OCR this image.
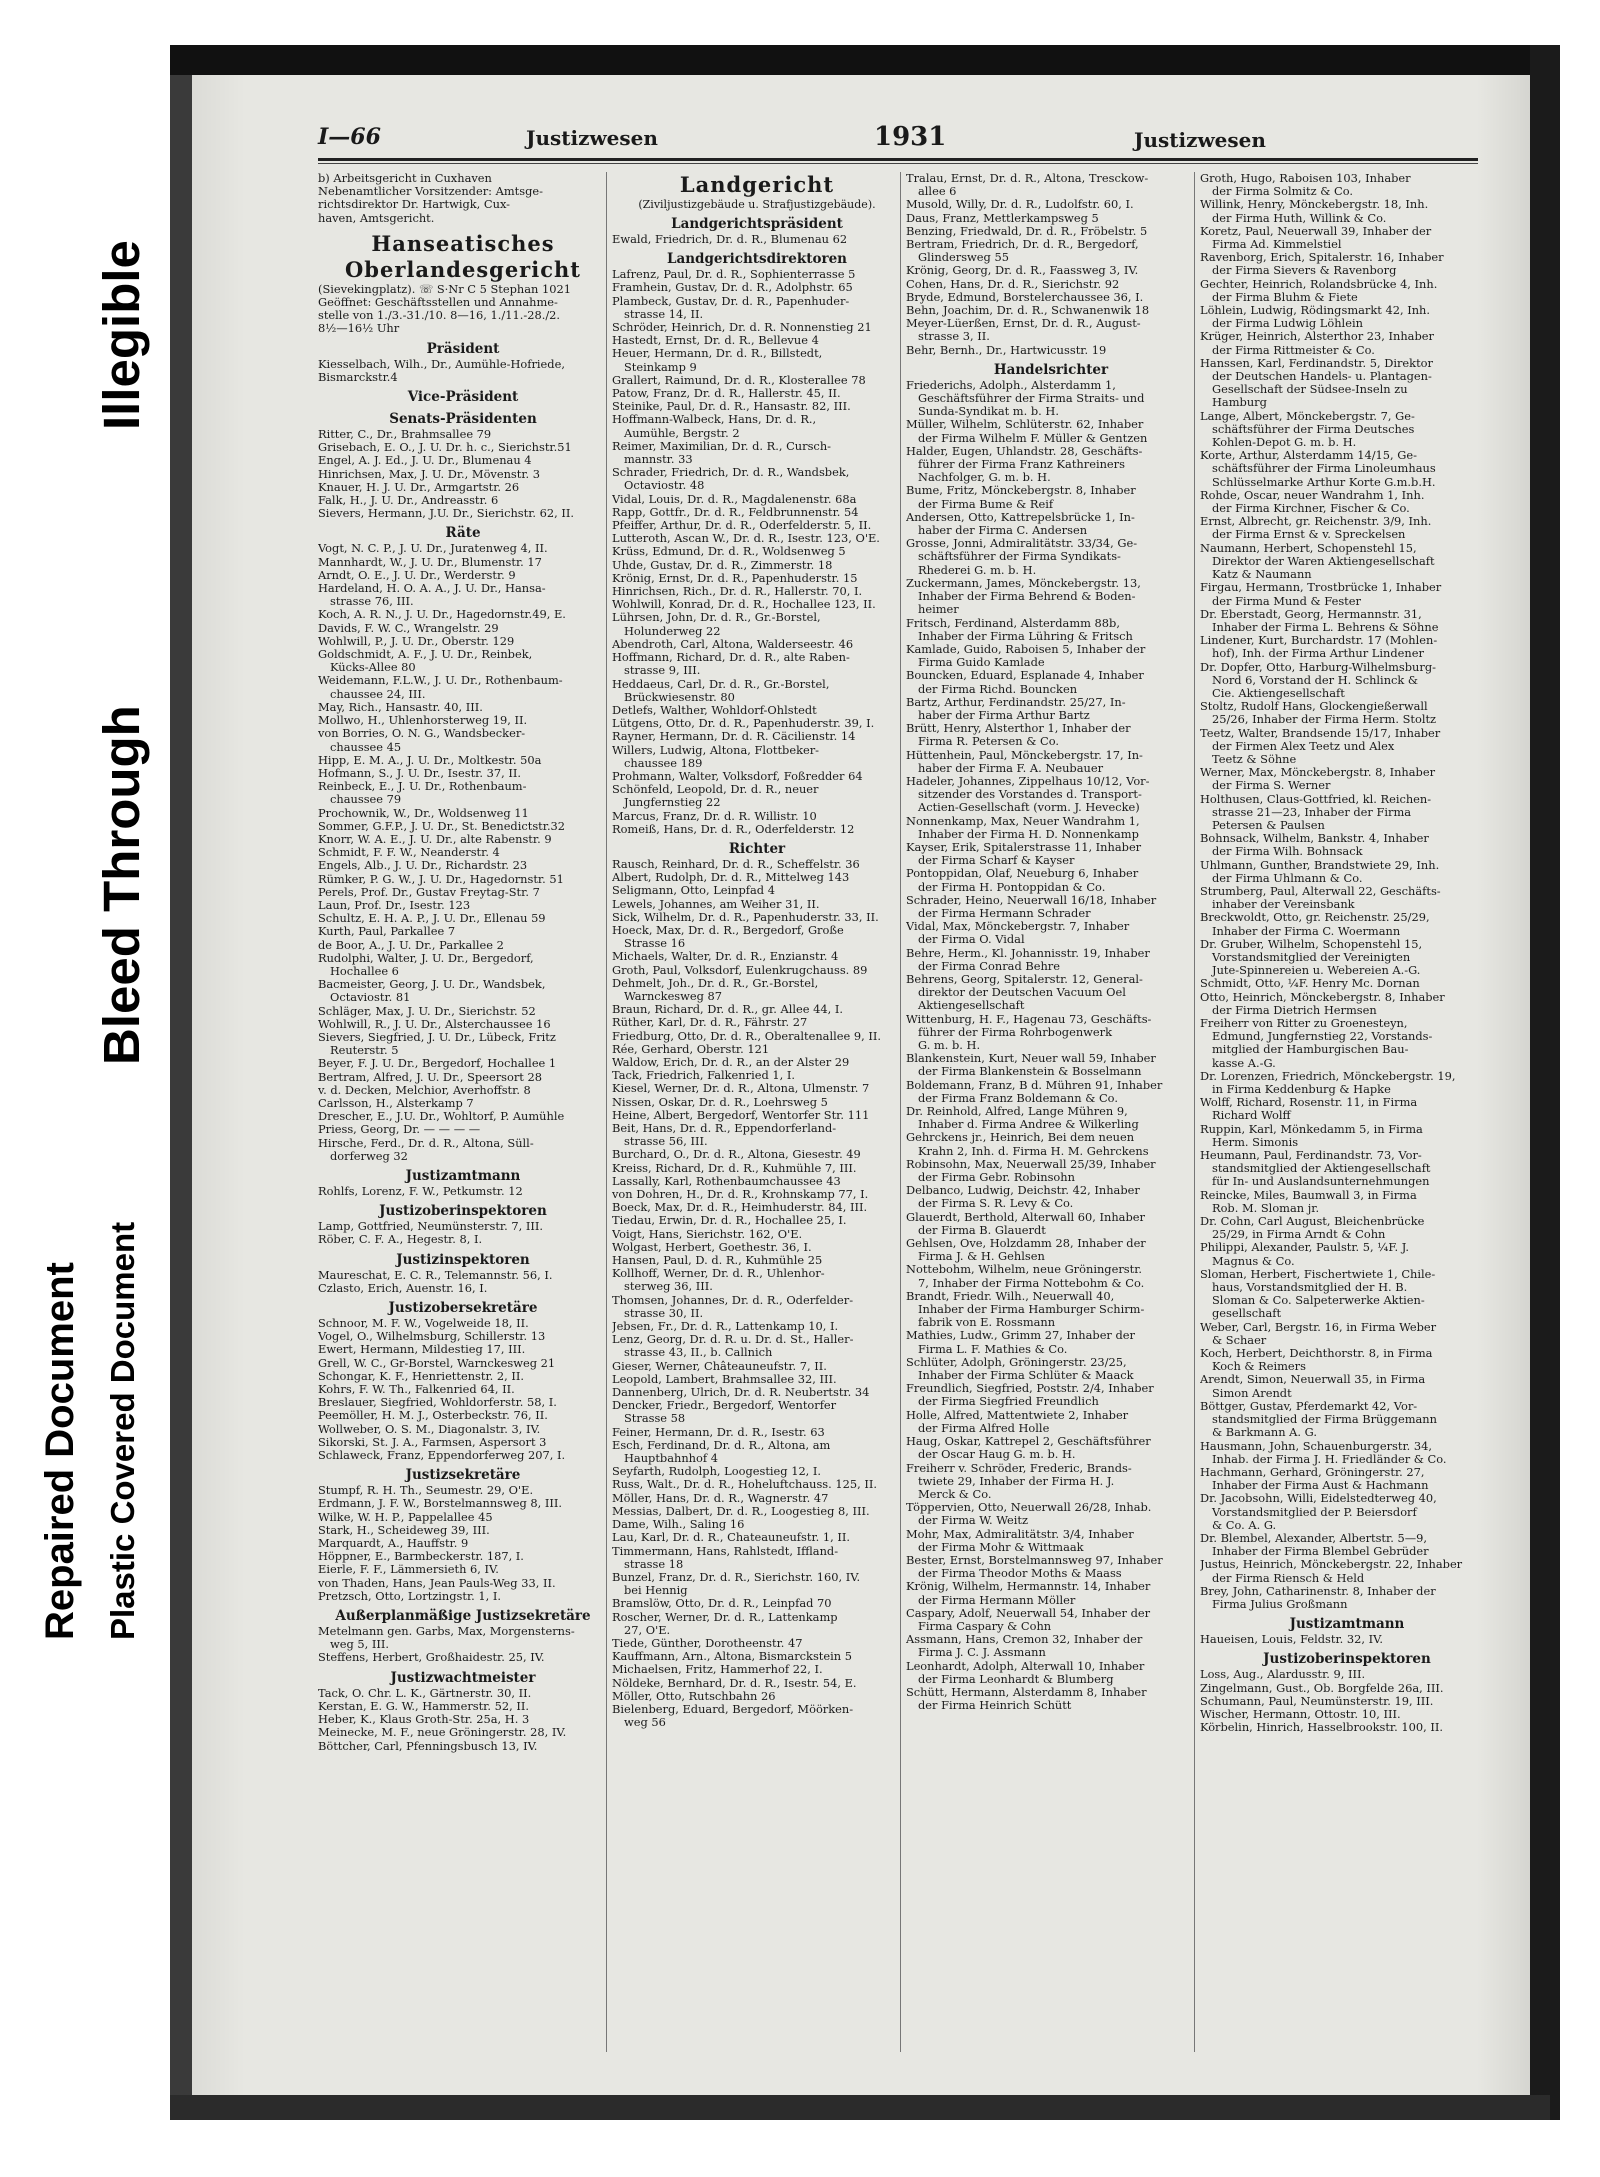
Repaired Document Plastic Covered Document
Bleed Through
Illegible
I—66	Justizwesen	1931	Justizwesen
b) Arbeitsgericht in Cuxhaven
Nebenamtlicher Vorsitzender: Amtsge-
richtsdirektor Dr. Hartwigk, Cux-
haven, Amtsgericht.
Hanseatisches
Oberlandesgericht
(Sievekingplatz). ☏ S·Nr C 5 Stephan 1021
Geöffnet: Geschäftsstellen und Annahme-
stelle von 1./3.-31./10. 8—16, 1./11.-28./2.
8½—16½ Uhr
Präsident
Kiesselbach, Wilh., Dr., Aumühle-Hofriede,
Bismarckstr.4
Vice-Präsident
Senats-Präsidenten
Ritter, C., Dr., Brahmsallee 79
Grisebach, E. O., J. U. Dr. h. c., Sierichstr.51
Engel, A. J. Ed., J. U. Dr., Blumenau 4
Hinrichsen, Max, J. U. Dr., Mövenstr. 3
Knauer, H. J. U. Dr., Armgartstr. 26
Falk, H., J. U. Dr., Andreasstr. 6
Sievers, Hermann, J.U. Dr., Sierichstr. 62, II.
Räte
Vogt, N. C. P., J. U. Dr., Juratenweg 4, II.
Mannhardt, W., J. U. Dr., Blumenstr. 17
Arndt, O. E., J. U. Dr., Werderstr. 9
Hardeland, H. O. A. A., J. U. Dr., Hansa-
strasse 76, III.
Koch, A. R. N., J. U. Dr., Hagedornstr.49, E.
Davids, F. W. C., Wrangelstr. 29
Wohlwill, P., J. U. Dr., Oberstr. 129
Goldschmidt, A. F., J. U. Dr., Reinbek,
Kücks-Allee 80
Weidemann, F.L.W., J. U. Dr., Rothenbaum-
chaussee 24, III.
May, Rich., Hansastr. 40, III.
Mollwo, H., Uhlenhorsterweg 19, II.
von Borries, O. N. G., Wandsbecker-
chaussee 45
Hipp, E. M. A., J. U. Dr., Moltkestr. 50a
Hofmann, S., J. U. Dr., Isestr. 37, II.
Reinbeck, E., J. U. Dr., Rothenbaum-
chaussee 79
Prochownik, W., Dr., Woldsenweg 11
Sommer, G.F.P., J. U. Dr., St. Benedictstr.32
Knorr, W. A. E., J. U. Dr., alte Rabenstr. 9
Schmidt, F. F. W., Neanderstr. 4
Engels, Alb., J. U. Dr., Richardstr. 23
Rümker, P. G. W., J. U. Dr., Hagedornstr. 51
Perels, Prof. Dr., Gustav Freytag-Str. 7
Laun, Prof. Dr., Isestr. 123
Schultz, E. H. A. P., J. U. Dr., Ellenau 59
Kurth, Paul, Parkallee 7
de Boor, A., J. U. Dr., Parkallee 2
Rudolphi, Walter, J. U. Dr., Bergedorf,
Hochallee 6
Bacmeister, Georg, J. U. Dr., Wandsbek,
Octaviostr. 81
Schläger, Max, J. U. Dr., Sierichstr. 52
Wohlwill, R., J. U. Dr., Alsterchaussee 16
Sievers, Siegfried, J. U. Dr., Lübeck, Fritz
Reuterstr. 5
Beyer, F. J. U. Dr., Bergedorf, Hochallee 1
Bertram, Alfred, J. U. Dr., Speersort 28
v. d. Decken, Melchior, Averhoffstr. 8
Carlsson, H., Alsterkamp 7
Drescher, E., J.U. Dr., Wohltorf, P. Aumühle
Priess, Georg, Dr. — — — —
Hirsche, Ferd., Dr. d. R., Altona, Süll-
dorferweg 32
Justizamtmann
Rohlfs, Lorenz, F. W., Petkumstr. 12
Justizoberinspektoren
Lamp, Gottfried, Neumünsterstr. 7, III.
Röber, C. F. A., Hegestr. 8, I.
Justizinspektoren
Maureschat, E. C. R., Telemannstr. 56, I.
Czlasto, Erich, Auenstr. 16, I.
Justizobersekretäre
Schnoor, M. F. W., Vogelweide 18, II.
Vogel, O., Wilhelmsburg, Schillerstr. 13
Ewert, Hermann, Mildestieg 17, III.
Grell, W. C., Gr-Borstel, Warnckesweg 21
Schongar, K. F., Henriettenstr. 2, II.
Kohrs, F. W. Th., Falkenried 64, II.
Breslauer, Siegfried, Wohldorferstr. 58, I.
Peemöller, H. M. J., Osterbeckstr. 76, II.
Wollweber, O. S. M., Diagonalstr. 3, IV.
Sikorski, St. J. A., Farmsen, Aspersort 3
Schlaweck, Franz, Eppendorferweg 207, I.
Justizsekretäre
Stumpf, R. H. Th., Seumestr. 29, O'E.
Erdmann, J. F. W., Borstelmannsweg 8, III.
Wilke, W. H. P., Pappelallee 45
Stark, H., Scheideweg 39, III.
Marquardt, A., Hauffstr. 9
Höppner, E., Barmbeckerstr. 187, I.
Eierle, F. F., Lämmersieth 6, IV.
von Thaden, Hans, Jean Pauls-Weg 33, II.
Pretzsch, Otto, Lortzingstr. 1, I.
Außerplanmäßige Justizsekretäre
Metelmann gen. Garbs, Max, Morgensterns-
weg 5, III.
Steffens, Herbert, Großhaidestr. 25, IV.
Justizwachtmeister
Tack, O. Chr. L. K., Gärtnerstr. 30, II.
Kerstan, E. G. W., Hammerstr. 52, II.
Heber, K., Klaus Groth-Str. 25a, H. 3
Meinecke, M. F., neue Gröningerstr. 28, IV.
Böttcher, Carl, Pfenningsbusch 13, IV.
Landgericht
(Ziviljustizgebäude u. Strafjustizgebäude).
Landgerichtspräsident
Ewald, Friedrich, Dr. d. R., Blumenau 62
Landgerichtsdirektoren
Lafrenz, Paul, Dr. d. R., Sophienterrasse 5
Framhein, Gustav, Dr. d. R., Adolphstr. 65
Plambeck, Gustav, Dr. d. R., Papenhuder-
strasse 14, II.
Schröder, Heinrich, Dr. d. R. Nonnenstieg 21
Hastedt, Ernst, Dr. d. R., Bellevue 4
Heuer, Hermann, Dr. d. R., Billstedt,
Steinkamp 9
Grallert, Raimund, Dr. d. R., Klosterallee 78
Patow, Franz, Dr. d. R., Hallerstr. 45, II.
Steinike, Paul, Dr. d. R., Hansastr. 82, III.
Hoffmann-Walbeck, Hans, Dr. d. R.,
Aumühle, Bergstr. 2
Reimer, Maximilian, Dr. d. R., Cursch-
mannstr. 33
Schrader, Friedrich, Dr. d. R., Wandsbek,
Octaviostr. 48
Vidal, Louis, Dr. d. R., Magdalenenstr. 68a
Rapp, Gottfr., Dr. d. R., Feldbrunnenstr. 54
Pfeiffer, Arthur, Dr. d. R., Oderfelderstr. 5, II.
Lutteroth, Ascan W., Dr. d. R., Isestr. 123, O'E.
Krüss, Edmund, Dr. d. R., Woldsenweg 5
Uhde, Gustav, Dr. d. R., Zimmerstr. 18
Krönig, Ernst, Dr. d. R., Papenhuderstr. 15
Hinrichsen, Rich., Dr. d. R., Hallerstr. 70, I.
Wohlwill, Konrad, Dr. d. R., Hochallee 123, II.
Lührsen, John, Dr. d. R., Gr.-Borstel,
Holunderweg 22
Abendroth, Carl, Altona, Walderseestr. 46
Hoffmann, Richard, Dr. d. R., alte Raben-
strasse 9, III.
Heddaeus, Carl, Dr. d. R., Gr.-Borstel,
Brückwiesenstr. 80
Detlefs, Walther, Wohldorf-Ohlstedt
Lütgens, Otto, Dr. d. R., Papenhuderstr. 39, I.
Rayner, Hermann, Dr. d. R. Cäcilienstr. 14
Willers, Ludwig, Altona, Flottbeker-
chaussee 189
Prohmann, Walter, Volksdorf, Foßredder 64
Schönfeld, Leopold, Dr. d. R., neuer
Jungfernstieg 22
Marcus, Franz, Dr. d. R. Willistr. 10
Romeiß, Hans, Dr. d. R., Oderfelderstr. 12
Richter
Rausch, Reinhard, Dr. d. R., Scheffelstr. 36
Albert, Rudolph, Dr. d. R., Mittelweg 143
Seligmann, Otto, Leinpfad 4
Lewels, Johannes, am Weiher 31, II.
Sick, Wilhelm, Dr. d. R., Papenhuderstr. 33, II.
Hoeck, Max, Dr. d. R., Bergedorf, Große
Strasse 16
Michaels, Walter, Dr. d. R., Enzianstr. 4
Groth, Paul, Volksdorf, Eulenkrugchauss. 89
Dehmelt, Joh., Dr. d. R., Gr.-Borstel,
Warnckesweg 87
Braun, Richard, Dr. d. R., gr. Allee 44, I.
Rüther, Karl, Dr. d. R., Fährstr. 27
Friedburg, Otto, Dr. d. R., Oberaltenallee 9, II.
Rée, Gerhard, Oberstr. 121
Waldow, Erich, Dr. d. R., an der Alster 29
Tack, Friedrich, Falkenried 1, I.
Kiesel, Werner, Dr. d. R., Altona, Ulmenstr. 7
Nissen, Oskar, Dr. d. R., Loehrsweg 5
Heine, Albert, Bergedorf, Wentorfer Str. 111
Beit, Hans, Dr. d. R., Eppendorferland-
strasse 56, III.
Burchard, O., Dr. d. R., Altona, Giesestr. 49
Kreiss, Richard, Dr. d. R., Kuhmühle 7, III.
Lassally, Karl, Rothenbaumchaussee 43
von Dohren, H., Dr. d. R., Krohnskamp 77, I.
Boeck, Max, Dr. d. R., Heimhuderstr. 84, III.
Tiedau, Erwin, Dr. d. R., Hochallee 25, I.
Voigt, Hans, Sierichstr. 162, O'E.
Wolgast, Herbert, Goethestr. 36, I.
Hansen, Paul, D. d. R., Kuhmühle 25
Kollhoff, Werner, Dr. d. R., Uhlenhor-
sterweg 36, III.
Thomsen, Johannes, Dr. d. R., Oderfelder-
strasse 30, II.
Jebsen, Fr., Dr. d. R., Lattenkamp 10, I.
Lenz, Georg, Dr. d. R. u. Dr. d. St., Haller-
strasse 43, II., b. Callnich
Gieser, Werner, Châteauneufstr. 7, II.
Leopold, Lambert, Brahmsallee 32, III.
Dannenberg, Ulrich, Dr. d. R. Neubertstr. 34
Dencker, Friedr., Bergedorf, Wentorfer
Strasse 58
Feiner, Hermann, Dr. d. R., Isestr. 63
Esch, Ferdinand, Dr. d. R., Altona, am
Hauptbahnhof 4
Seyfarth, Rudolph, Loogestieg 12, I.
Russ, Walt., Dr. d. R., Hoheluftchauss. 125, II.
Möller, Hans, Dr. d. R., Wagnerstr. 47
Messias, Dalbert, Dr. d. R., Loogestieg 8, III.
Dame, Wilh., Saling 16
Lau, Karl, Dr. d. R., Chateauneufstr. 1, II.
Timmermann, Hans, Rahlstedt, Iffland-
strasse 18
Bunzel, Franz, Dr. d. R., Sierichstr. 160, IV.
bei Hennig
Bramslöw, Otto, Dr. d. R., Leinpfad 70
Roscher, Werner, Dr. d. R., Lattenkamp
27, O'E.
Tiede, Günther, Dorotheenstr. 47
Kauffmann, Arn., Altona, Bismarckstein 5
Michaelsen, Fritz, Hammerhof 22, I.
Nöldeke, Bernhard, Dr. d. R., Isestr. 54, E.
Möller, Otto, Rutschbahn 26
Bielenberg, Eduard, Bergedorf, Möörken-
weg 56
Tralau, Ernst, Dr. d. R., Altona, Tresckow-
allee 6
Musold, Willy, Dr. d. R., Ludolfstr. 60, I.
Daus, Franz, Mettlerkampsweg 5
Benzing, Friedwald, Dr. d. R., Fröbelstr. 5
Bertram, Friedrich, Dr. d. R., Bergedorf,
Glindersweg 55
Krönig, Georg, Dr. d. R., Faassweg 3, IV.
Cohen, Hans, Dr. d. R., Sierichstr. 92
Bryde, Edmund, Borstelerchaussee 36, I.
Behn, Joachim, Dr. d. R., Schwanenwik 18
Meyer-Lüerßen, Ernst, Dr. d. R., August-
strasse 3, II.
Behr, Bernh., Dr., Hartwicusstr. 19
Handelsrichter
Friederichs, Adolph., Alsterdamm 1,
Geschäftsführer der Firma Straits- und
Sunda-Syndikat m. b. H.
Müller, Wilhelm, Schlüterstr. 62, Inhaber
der Firma Wilhelm F. Müller & Gentzen
Halder, Eugen, Uhlandstr. 28, Geschäfts-
führer der Firma Franz Kathreiners
Nachfolger, G. m. b. H.
Bume, Fritz, Mönckebergstr. 8, Inhaber
der Firma Bume & Reif
Andersen, Otto, Kattrepelsbrücke 1, In-
haber der Firma C. Andersen
Grosse, Jonni, Admiralitätstr. 33/34, Ge-
schäftsführer der Firma Syndikats-
Rhederei G. m. b. H.
Zuckermann, James, Mönckebergstr. 13,
Inhaber der Firma Behrend & Boden-
heimer
Fritsch, Ferdinand, Alsterdamm 88b,
Inhaber der Firma Lühring & Fritsch
Kamlade, Guido, Raboisen 5, Inhaber der
Firma Guido Kamlade
Bouncken, Eduard, Esplanade 4, Inhaber
der Firma Richd. Bouncken
Bartz, Arthur, Ferdinandstr. 25/27, In-
haber der Firma Arthur Bartz
Brütt, Henry, Alsterthor 1, Inhaber der
Firma R. Petersen & Co.
Hüttenhein, Paul, Mönckebergstr. 17, In-
haber der Firma F. A. Neubauer
Hadeler, Johannes, Zippelhaus 10/12, Vor-
sitzender des Vorstandes d. Transport-
Actien-Gesellschaft (vorm. J. Hevecke)
Nonnenkamp, Max, Neuer Wandrahm 1,
Inhaber der Firma H. D. Nonnenkamp
Kayser, Erik, Spitalerstrasse 11, Inhaber
der Firma Scharf & Kayser
Pontoppidan, Olaf, Neueburg 6, Inhaber
der Firma H. Pontoppidan & Co.
Schrader, Heino, Neuerwall 16/18, Inhaber
der Firma Hermann Schrader
Vidal, Max, Mönckebergstr. 7, Inhaber
der Firma O. Vidal
Behre, Herm., Kl. Johannisstr. 19, Inhaber
der Firma Conrad Behre
Behrens, Georg, Spitalerstr. 12, General-
direktor der Deutschen Vacuum Oel
Aktiengesellschaft
Wittenburg, H. F., Hagenau 73, Geschäfts-
führer der Firma Rohrbogenwerk
G. m. b. H.
Blankenstein, Kurt, Neuer wall 59, Inhaber
der Firma Blankenstein & Bosselmann
Boldemann, Franz, B d. Mühren 91, Inhaber
der Firma Franz Boldemann & Co.
Dr. Reinhold, Alfred, Lange Mühren 9,
Inhaber d. Firma Andree & Wilkerling
Gehrckens jr., Heinrich, Bei dem neuen
Krahn 2, Inh. d. Firma H. M. Gehrckens
Robinsohn, Max, Neuerwall 25/39, Inhaber
der Firma Gebr. Robinsohn
Delbanco, Ludwig, Deichstr. 42, Inhaber
der Firma S. R. Levy & Co.
Glauerdt, Berthold, Alterwall 60, Inhaber
der Firma B. Glauerdt
Gehlsen, Ove, Holzdamm 28, Inhaber der
Firma J. & H. Gehlsen
Nottebohm, Wilhelm, neue Gröningerstr.
7, Inhaber der Firma Nottebohm & Co.
Brandt, Friedr. Wilh., Neuerwall 40,
Inhaber der Firma Hamburger Schirm-
fabrik von E. Rossmann
Mathies, Ludw., Grimm 27, Inhaber der
Firma L. F. Mathies & Co.
Schlüter, Adolph, Gröningerstr. 23/25,
Inhaber der Firma Schlüter & Maack
Freundlich, Siegfried, Poststr. 2/4, Inhaber
der Firma Siegfried Freundlich
Holle, Alfred, Mattentwiete 2, Inhaber
der Firma Alfred Holle
Haug, Oskar, Kattrepel 2, Geschäftsführer
der Oscar Haug G. m. b. H.
Freiherr v. Schröder, Frederic, Brands-
twiete 29, Inhaber der Firma H. J.
Merck & Co.
Töppervien, Otto, Neuerwall 26/28, Inhab.
der Firma W. Weitz
Mohr, Max, Admiralitätstr. 3/4, Inhaber
der Firma Mohr & Wittmaak
Bester, Ernst, Borstelmannsweg 97, Inhaber
der Firma Theodor Moths & Maass
Krönig, Wilhelm, Hermannstr. 14, Inhaber
der Firma Hermann Möller
Caspary, Adolf, Neuerwall 54, Inhaber der
Firma Caspary & Cohn
Assmann, Hans, Cremon 32, Inhaber der
Firma J. C. J. Assmann
Leonhardt, Adolph, Alterwall 10, Inhaber
der Firma Leonhardt & Blumberg
Schütt, Hermann, Alsterdamm 8, Inhaber
der Firma Heinrich Schütt
Groth, Hugo, Raboisen 103, Inhaber
der Firma Solmitz & Co.
Willink, Henry, Mönckebergstr. 18, Inh.
der Firma Huth, Willink & Co.
Koretz, Paul, Neuerwall 39, Inhaber der
Firma Ad. Kimmelstiel
Ravenborg, Erich, Spitalerstr. 16, Inhaber
der Firma Sievers & Ravenborg
Gechter, Heinrich, Rolandsbrücke 4, Inh.
der Firma Bluhm & Fiete
Löhlein, Ludwig, Rödingsmarkt 42, Inh.
der Firma Ludwig Löhlein
Krüger, Heinrich, Alsterthor 23, Inhaber
der Firma Rittmeister & Co.
Hanssen, Karl, Ferdinandstr. 5, Direktor
der Deutschen Handels- u. Plantagen-
Gesellschaft der Südsee-Inseln zu
Hamburg
Lange, Albert, Mönckebergstr. 7, Ge-
schäftsführer der Firma Deutsches
Kohlen-Depot G. m. b. H.
Korte, Arthur, Alsterdamm 14/15, Ge-
schäftsführer der Firma Linoleumhaus
Schlüsselmarke Arthur Korte G.m.b.H.
Rohde, Oscar, neuer Wandrahm 1, Inh.
der Firma Kirchner, Fischer & Co.
Ernst, Albrecht, gr. Reichenstr. 3/9, Inh.
der Firma Ernst & v. Spreckelsen
Naumann, Herbert, Schopenstehl 15,
Direktor der Waren Aktiengesellschaft
Katz & Naumann
Firgau, Hermann, Trostbrücke 1, Inhaber
der Firma Mund & Fester
Dr. Eberstadt, Georg, Hermannstr. 31,
Inhaber der Firma L. Behrens & Söhne
Lindener, Kurt, Burchardstr. 17 (Mohlen-
hof), Inh. der Firma Arthur Lindener
Dr. Dopfer, Otto, Harburg-Wilhelmsburg-
Nord 6, Vorstand der H. Schlinck &
Cie. Aktiengesellschaft
Stoltz, Rudolf Hans, Glockengießerwall
25/26, Inhaber der Firma Herm. Stoltz
Teetz, Walter, Brandsende 15/17, Inhaber
der Firmen Alex Teetz und Alex
Teetz & Söhne
Werner, Max, Mönckebergstr. 8, Inhaber
der Firma S. Werner
Holthusen, Claus-Gottfried, kl. Reichen-
strasse 21—23, Inhaber der Firma
Petersen & Paulsen
Bohnsack, Wilhelm, Bankstr. 4, Inhaber
der Firma Wilh. Bohnsack
Uhlmann, Gunther, Brandstwiete 29, Inh.
der Firma Uhlmann & Co.
Strumberg, Paul, Alterwall 22, Geschäfts-
inhaber der Vereinsbank
Breckwoldt, Otto, gr. Reichenstr. 25/29,
Inhaber der Firma C. Woermann
Dr. Gruber, Wilhelm, Schopenstehl 15,
Vorstandsmitglied der Vereinigten
Jute-Spinnereien u. Webereien A.-G.
Schmidt, Otto, ¼F. Henry Mc. Dornan
Otto, Heinrich, Mönckebergstr. 8, Inhaber
der Firma Dietrich Hermsen
Freiherr von Ritter zu Groenesteyn,
Edmund, Jungfernstieg 22, Vorstands-
mitglied der Hamburgischen Bau-
kasse A.-G.
Dr. Lorenzen, Friedrich, Mönckebergstr. 19,
in Firma Keddenburg & Hapke
Wolff, Richard, Rosenstr. 11, in Firma
Richard Wolff
Ruppin, Karl, Mönkedamm 5, in Firma
Herm. Simonis
Heumann, Paul, Ferdinandstr. 73, Vor-
standsmitglied der Aktiengesellschaft
für In- und Auslandsunternehmungen
Reincke, Miles, Baumwall 3, in Firma
Rob. M. Sloman jr.
Dr. Cohn, Carl August, Bleichenbrücke
25/29, in Firma Arndt & Cohn
Philippi, Alexander, Paulstr. 5, ¼F. J.
Magnus & Co.
Sloman, Herbert, Fischertwiete 1, Chile-
haus, Vorstandsmitglied der H. B.
Sloman & Co. Salpeterwerke Aktien-
gesellschaft
Weber, Carl, Bergstr. 16, in Firma Weber
& Schaer
Koch, Herbert, Deichthorstr. 8, in Firma
Koch & Reimers
Arendt, Simon, Neuerwall 35, in Firma
Simon Arendt
Böttger, Gustav, Pferdemarkt 42, Vor-
standsmitglied der Firma Brüggemann
& Barkmann A. G.
Hausmann, John, Schauenburgerstr. 34,
Inhab. der Firma J. H. Friedländer & Co.
Hachmann, Gerhard, Gröningerstr. 27,
Inhaber der Firma Aust & Hachmann
Dr. Jacobsohn, Willi, Eidelstedterweg 40,
Vorstandsmitglied der P. Beiersdorf
& Co. A. G.
Dr. Blembel, Alexander, Albertstr. 5—9,
Inhaber der Firma Blembel Gebrüder
Justus, Heinrich, Mönckebergstr. 22, Inhaber
der Firma Riensch & Held
Brey, John, Catharinenstr. 8, Inhaber der
Firma Julius Großmann
Justizamtmann
Haueisen, Louis, Feldstr. 32, IV.
Justizoberinspektoren
Loss, Aug., Alardusstr. 9, III.
Zingelmann, Gust., Ob. Borgfelde 26a, III.
Schumann, Paul, Neumünsterstr. 19, III.
Wischer, Hermann, Ottostr. 10, III.
Körbelin, Hinrich, Hasselbrookstr. 100, II.
